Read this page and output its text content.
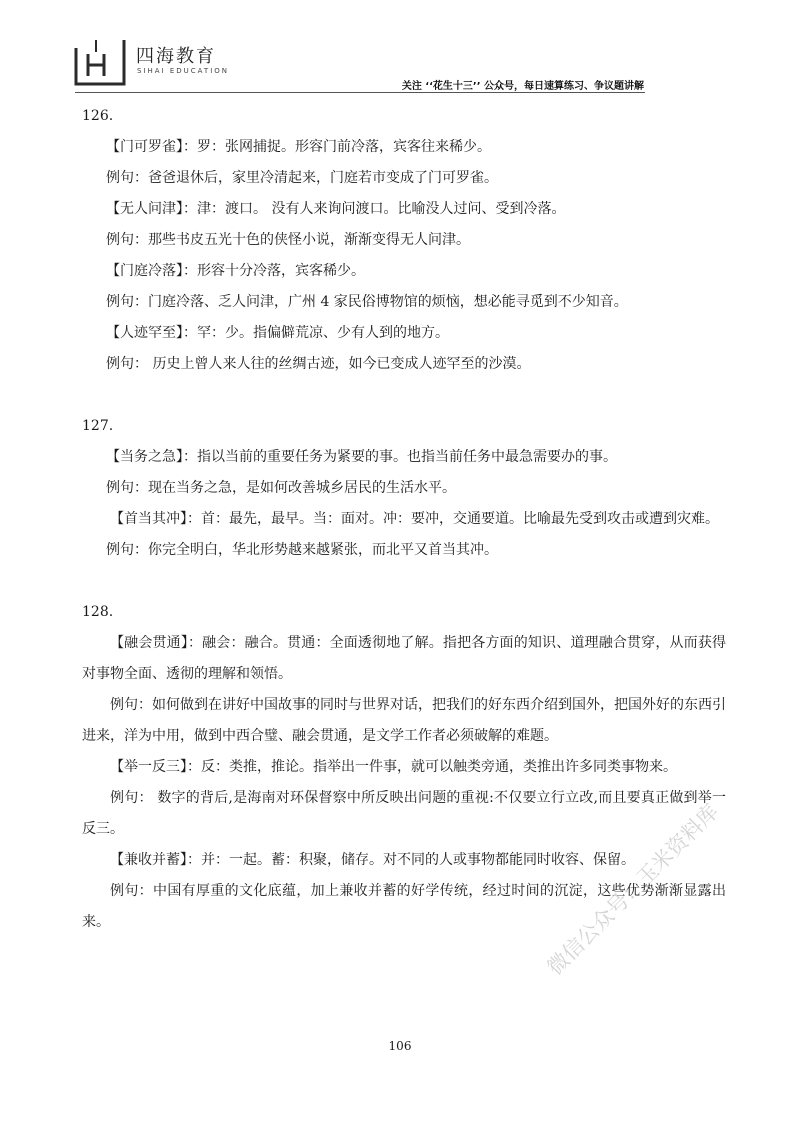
四海教育
SIHAI EDUCATION
关注 ‘‘花生十三’’ 公众号，每日速算练习、争议题讲解
126.
【门可罗雀】：罗：张网捕捉。形容门前冷落，宾客往来稀少。
例句：爸爸退休后，家里冷清起来，门庭若市变成了门可罗雀。
【无人问津】：津：渡口。 没有人来询问渡口。比喻没人过问、受到冷落。
例句：那些书皮五光十色的侠怪小说，渐渐变得无人问津。
【门庭冷落】：形容十分冷落，宾客稀少。
例句：门庭冷落、乏人问津，广州 4 家民俗博物馆的烦恼，想必能寻觅到不少知音。
【人迹罕至】：罕：少。指偏僻荒凉、少有人到的地方。
例句： 历史上曾人来人往的丝绸古迹，如今已变成人迹罕至的沙漠。
127.
【当务之急】：指以当前的重要任务为紧要的事。也指当前任务中最急需要办的事。
例句：现在当务之急，是如何改善城乡居民的生活水平。
【首当其冲】：首：最先，最早。当：面对。冲：要冲，交通要道。比喻最先受到攻击或遭到灾难。
例句：你完全明白，华北形势越来越紧张，而北平又首当其冲。
128.
【融会贯通】：融会：融合。贯通：全面透彻地了解。指把各方面的知识、道理融合贯穿，从而获得对事物全面、透彻的理解和领悟。
例句：如何做到在讲好中国故事的同时与世界对话，把我们的好东西介绍到国外，把国外好的东西引进来，洋为中用，做到中西合璧、融会贯通，是文学工作者必须破解的难题。
【举一反三】：反：类推，推论。指举出一件事，就可以触类旁通，类推出许多同类事物来。
例句： 数字的背后,是海南对环保督察中所反映出问题的重视:不仅要立行立改,而且要真正做到举一反三。
【兼收并蓄】：并：一起。蓄：积聚，储存。对不同的人或事物都能同时收容、保留。
例句：中国有厚重的文化底蕴，加上兼收并蓄的好学传统，经过时间的沉淀，这些优势渐渐显露出来。
106
微信公众号：玉米资料库
